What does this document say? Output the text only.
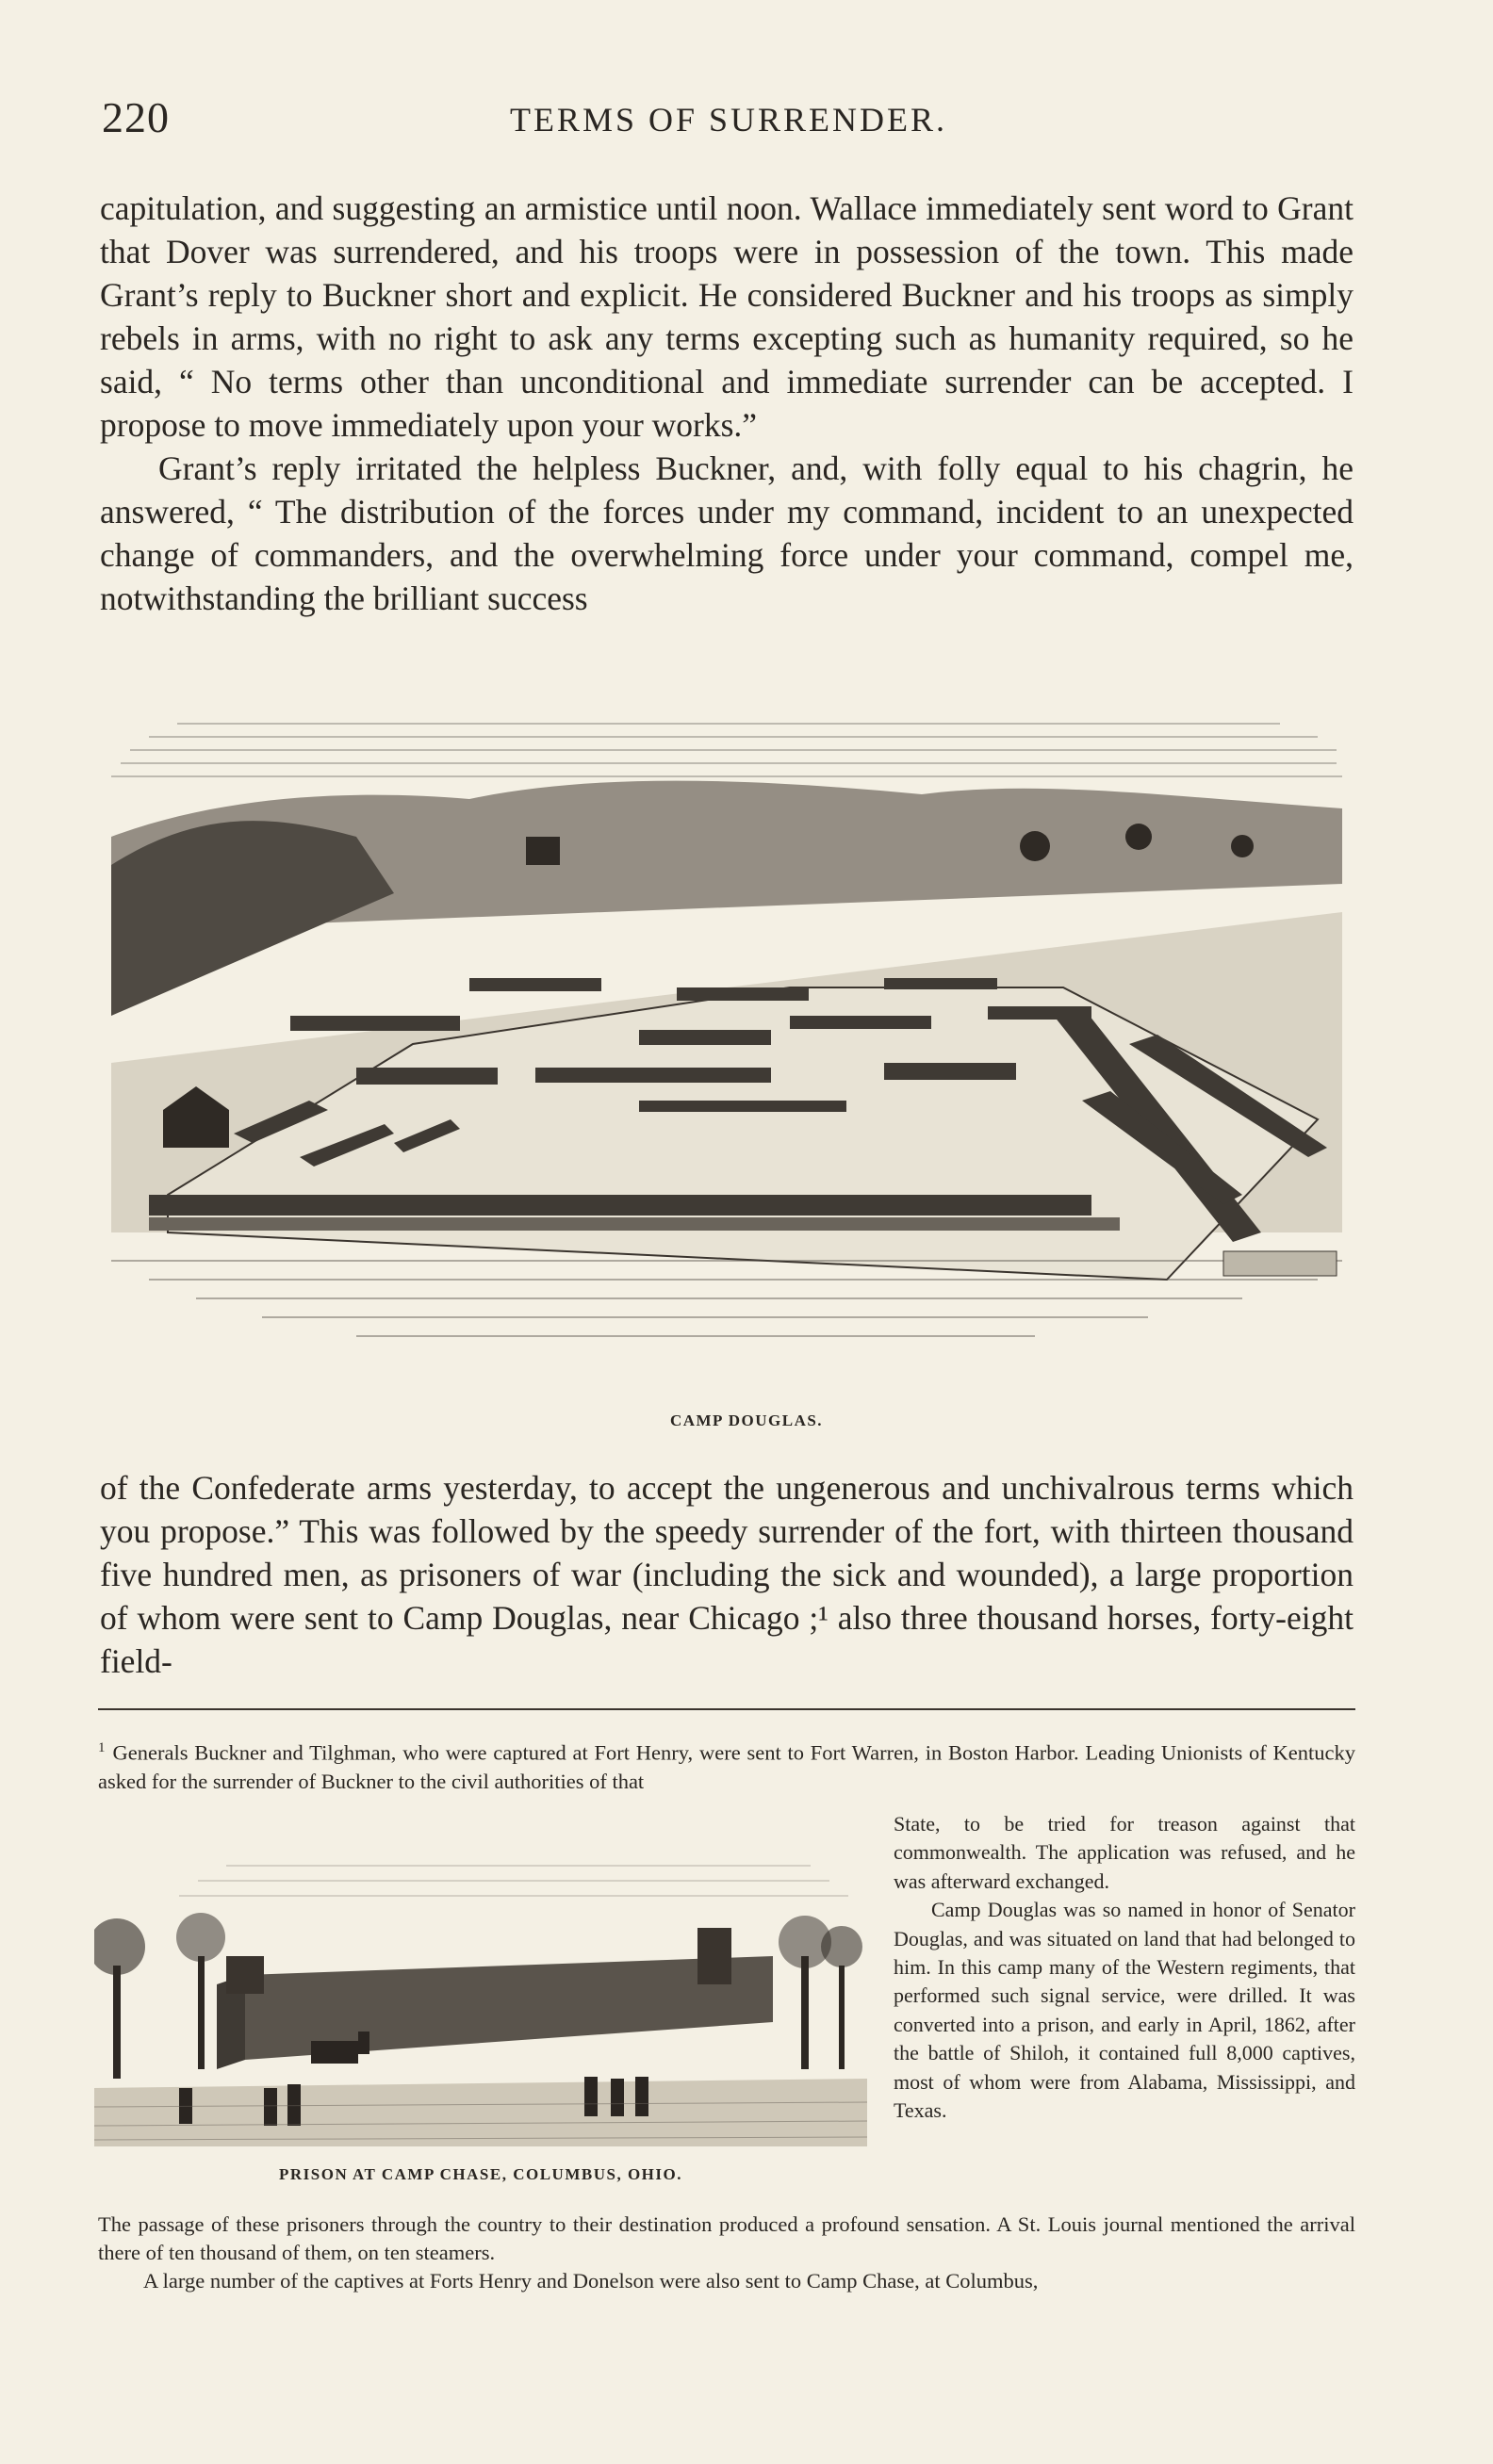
220	TERMS OF SURRENDER.

capitulation, and suggesting an armistice until noon. Wallace immediately sent word to Grant that Dover was surrendered, and his troops were in possession of the town. This made Grant’s reply to Buckner short and explicit. He considered Buckner and his troops as simply rebels in arms, with no right to ask any terms excepting such as humanity required, so he said, “ No terms other than unconditional and immediate surrender can be accepted. I propose to move immediately upon your works.”

Grant’s reply irritated the helpless Buckner, and, with folly equal to his chagrin, he answered, “ The distribution of the forces under my command, incident to an unexpected change of commanders, and the overwhelming force under your command, compel me, notwithstanding the brilliant success

CAMP DOUGLAS.

of the Confederate arms yesterday, to accept the ungenerous and unchivalrous terms which you propose.” This was followed by the speedy surrender of the fort, with thirteen thousand five hundred men, as prisoners of war (including the sick and wounded), a large proportion of whom were sent to Camp Douglas, near Chicago ;¹ also three thousand horses, forty-eight field-

$^1$ Generals Buckner and Tilghman, who were captured at Fort Henry, were sent to Fort Warren, in Boston Harbor. Leading Unionists of Kentucky asked for the surrender of Buckner to the civil authorities of that

State, to be tried for treason against that commonwealth. The application was refused, and he was afterward exchanged.

Camp Douglas was so named in honor of Senator Douglas, and was situated on land that had belonged to him. In this camp many of the Western regiments, that performed such signal service, were drilled. It was converted into a prison, and early in April, 1862, after the battle of Shiloh, it contained full 8,000 captives, most of whom were from Alabama, Mississippi, and Texas.

PRISON AT CAMP CHASE, COLUMBUS, OHIO.

The passage of these prisoners through the country to their destination produced a profound sensation. A St. Louis journal mentioned the arrival there of ten thousand of them, on ten steamers.

A large number of the captives at Forts Henry and Donelson were also sent to Camp Chase, at Columbus,
